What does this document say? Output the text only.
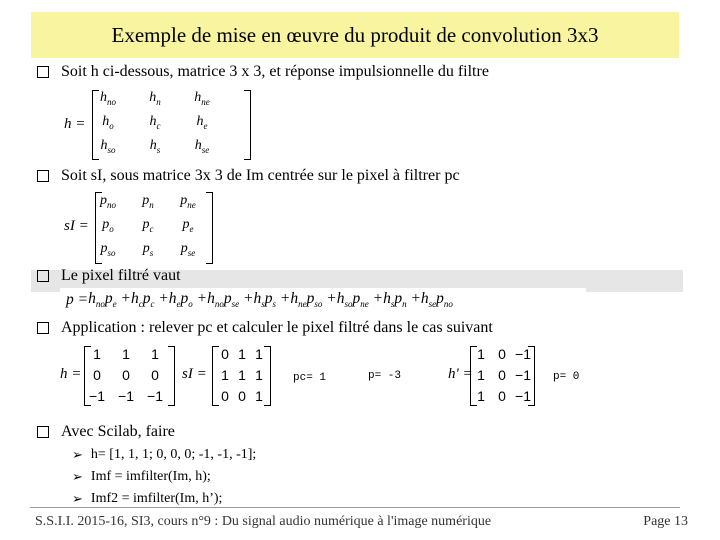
Exemple de mise en œuvre du produit de convolution 3x3
Soit h ci-dessous, matrice 3 x 3, et réponse impulsionnelle du filtre
h =
$h_{no}$	$h_n$	$h_{ne}$
$h_o$	$h_c$	$h_e$
$h_{so}$	$h_s$	$h_{se}$
Soit sI, sous matrice 3x 3 de Im centrée sur le pixel à filtrer pc
sI =
$p_{no}$	$p_n$	$p_{ne}$
$p_o$	$p_c$	$p_e$
$p_{so}$	$p_s$	$p_{se}$
Le pixel filtré vaut
$p = h_{no}p_e + h_cp_c + h_ep_o + h_{no}p_{se} + h_sp_s + h_{ne}p_{so} + h_{so}p_{ne} + h_sp_n + h_{se}p_{no}$
Application : relever pc et calculer le pixel filtré dans le cas suivant
h =
1	1	1
0	0	0
−1 −1 −1
sI =
0 1 1
1 1 1
0 0 1
pc= 1	p= -3	h' =
1 0 −1
1 0 −1
1 0 −1
p= 0
Avec Scilab, faire
➢ h= [1, 1, 1; 0, 0, 0; -1, -1, -1];
➢ Imf = imfilter(Im, h);
➢ Imf2 = imfilter(Im, h’);
S.S.I.I. 2015-16, SI3, cours n°9 : Du signal audio numérique à l'image numérique	Page 13
